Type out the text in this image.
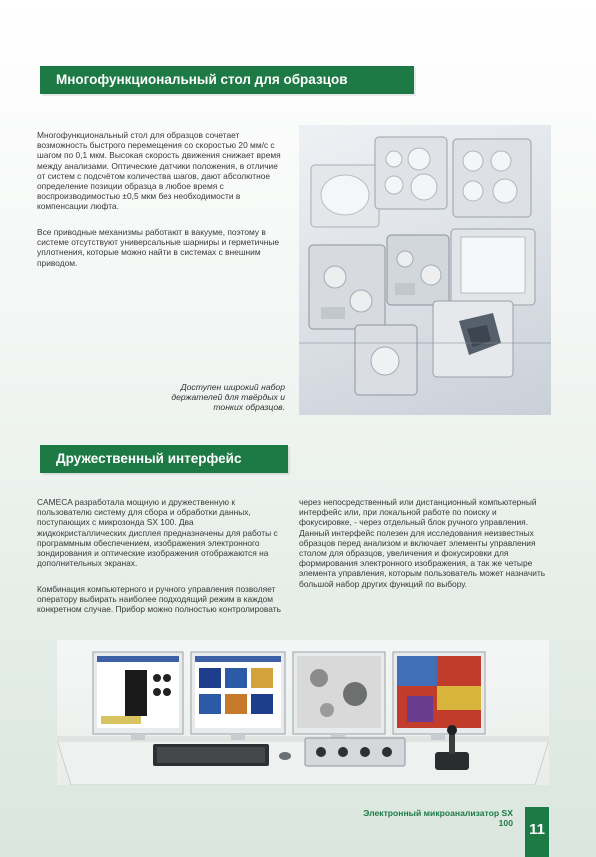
Многофункциональный стол для образцов

Многофункциональный стол для образцов сочетает возможность быстрого перемещения со скоростью 20 мм/с с шагом по 0,1 мкм. Высокая скорость движения снижает время между анализами. Оптические датчики положения, в отличие от систем с подсчётом количества шагов, дают абсолютное определение позиции образца в любое время с воспроизводимостью ±0,5 мкм без необходимости в компенсации люфта.

Все приводные механизмы работают в вакууме, поэтому в системе отсутствуют универсальные шарниры и герметичные уплотнения, которые можно найти в системах с внешним приводом.

Доступен широкий набор держателей для твёрдых и тонких образцов.
Дружественный интерфейс

CAMECA разработала мощную и дружественную к пользователю систему для сбора и обработки данных, поступающих с микрозонда SX 100. Два жидкокристаллических дисплея предназначены для работы с программным обеспечением, изображения электронного зондирования и оптические изображения отображаются на дополнительных экранах.

Комбинация компьютерного и ручного управления позволяет оператору выбирать наиболее подходящий режим в каждом конкретном случае. Прибор можно полностью контролировать

через непосредственный или дистанционный компьютерный интерфейс или, при локальной работе по поиску и фокусировке, - через отдельный блок ручного управления. Данный интерфейс полезен для исследования неизвестных образцов перед анализом и включает элементы управления столом для образцов, увеличения и фокусировки для формирования электронного изображения, а так же четыре элемента управления, которым пользователь может назначить большой набор других функций по выбору.

Электронный микроанализатор SX 100 11
